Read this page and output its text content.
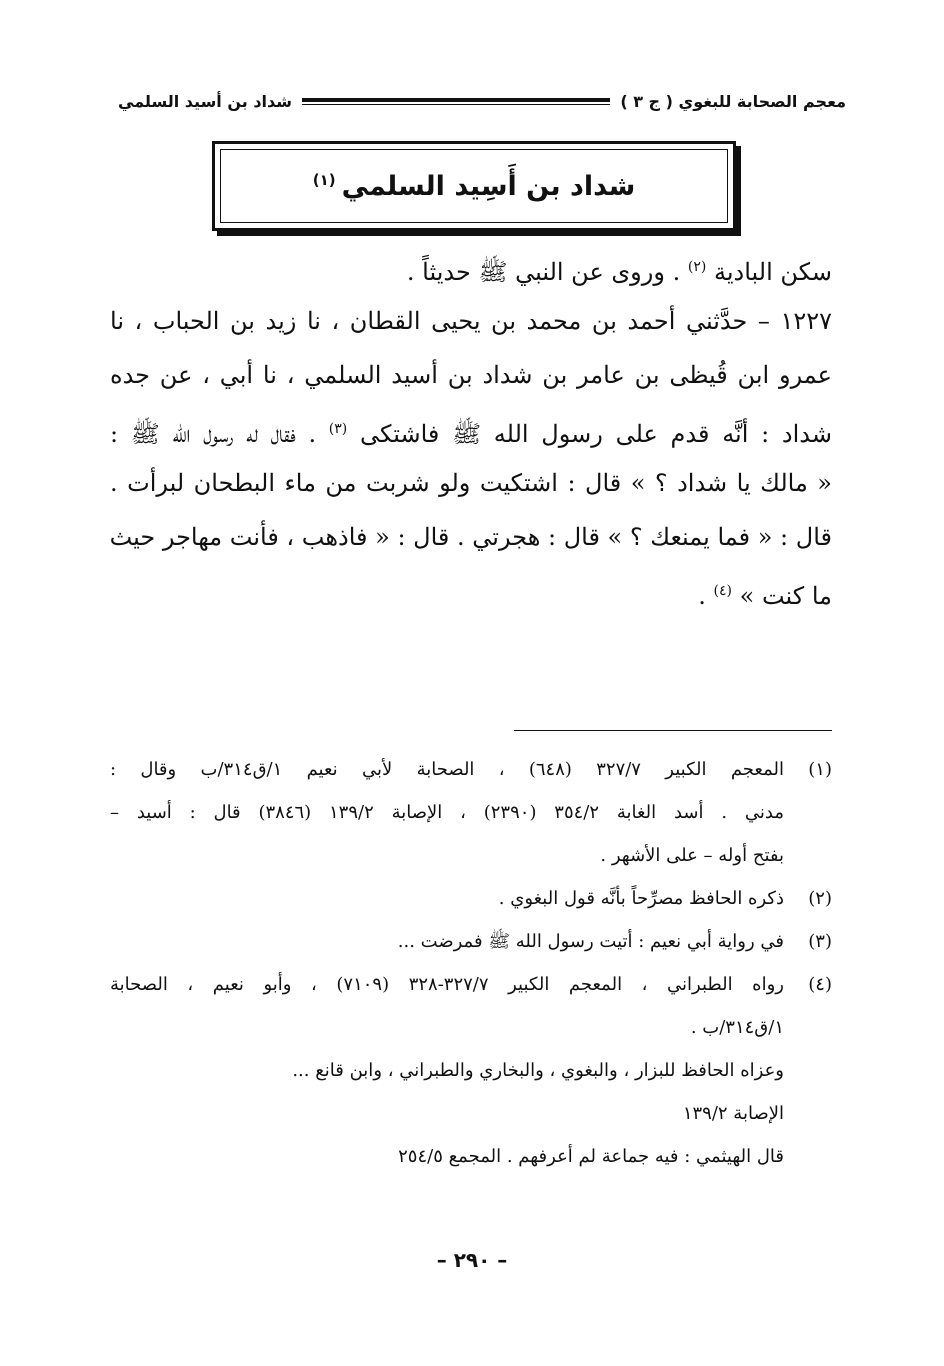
معجم الصحابة للبغوي ( ج ٣ )
شداد بن أسيد السلمي
شداد بن أَسِيد السلمي$^{(١)}$
سكن البادية $^{(٢)}$ . وروى عن النبي ﷺ حديثاً .
١٢٢٧ – حدَّثني أحمد بن محمد بن يحيى القطان ، نا زيد بن الحباب ، نا
عمرو ابن قُيظى بن عامر بن شداد بن أسيد السلمي ، نا أبي ، عن جده
شداد : أنَّه قدم على رسول الله ﷺ فاشتكى $^{(٣)}$ . فقال له رسول الله ﷺ :
« مالك يا شداد ؟ » قال : اشتكيت ولو شربت من ماء البطحان لبرأت .
قال : « فما يمنعك ؟ » قال : هجرتي . قال : « فاذهب ، فأنت مهاجر حيث
ما كنت » $^{(٤)}$ .
(١)
المعجم الكبير ٣٢٧/٧ (٦٤٨) ، الصحابة لأبي نعيم ١/ق٣١٤/ب وقال :
مدني . أسد الغابة ٣٥٤/٢ (٢٣٩٠) ، الإصابة ١٣٩/٢ (٣٨٤٦) قال : أسيد –
بفتح أوله – على الأشهر .
(٢)
ذكره الحافظ مصرِّحاً بأنَّه قول البغوي .
(٣)
في رواية أبي نعيم : أتيت رسول الله ﷺ فمرضت ...
(٤)
رواه الطبراني ، المعجم الكبير ٣٢٧/٧-٣٢٨ (٧١٠٩) ، وأبو نعيم ، الصحابة
١/ق٣١٤/ب .
وعزاه الحافظ للبزار ، والبغوي ، والبخاري والطبراني ، وابن قانع ...
الإصابة ١٣٩/٢
قال الهيثمي : فيه جماعة لم أعرفهم . المجمع ٢٥٤/٥
– ٢٩٠ –
